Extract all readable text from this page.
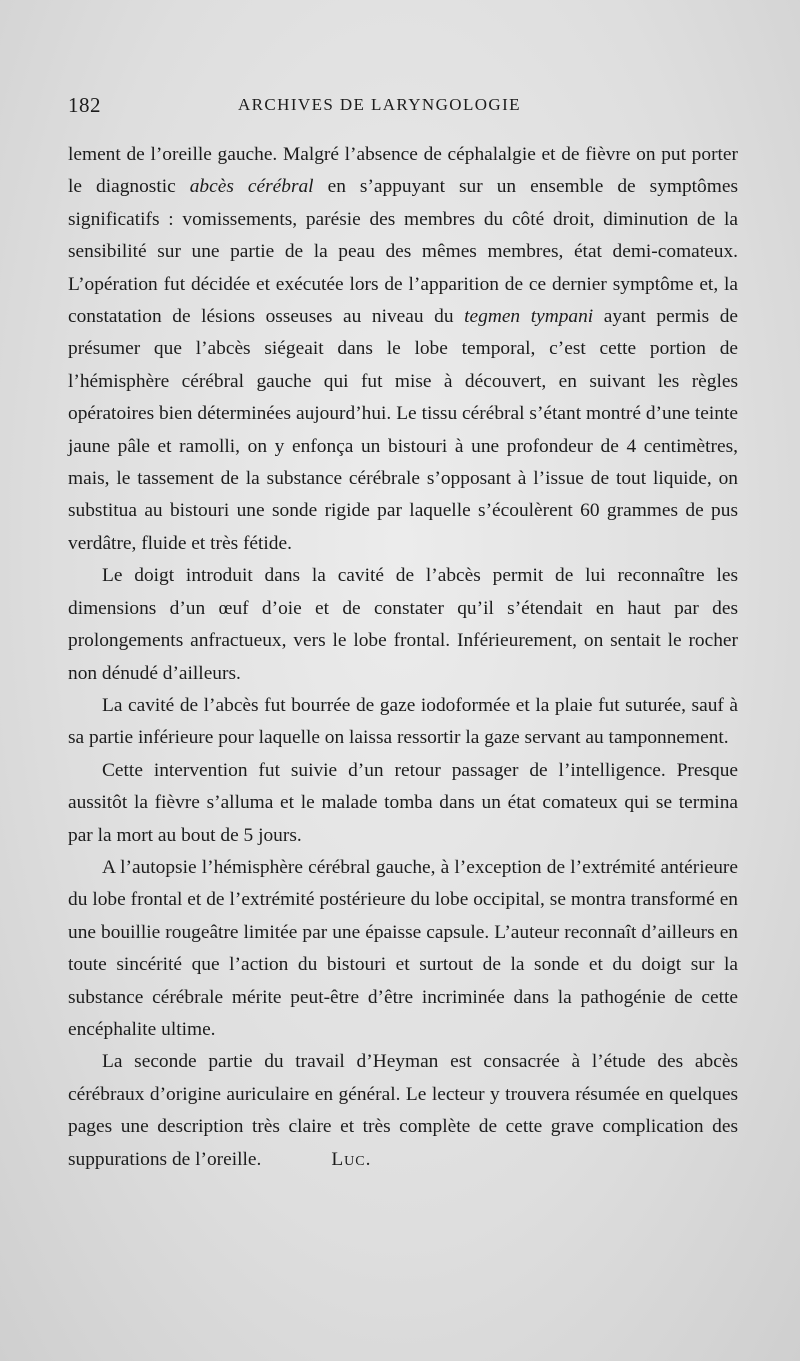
182	ARCHIVES DE LARYNGOLOGIE

lement de l’oreille gauche. Malgré l’absence de céphalalgie et de fièvre on put porter le diagnostic abcès cérébral en s’appuyant sur un ensemble de symptômes significatifs : vomissements, parésie des membres du côté droit, diminution de la sensibilité sur une partie de la peau des mêmes membres, état demi-comateux. L’opération fut décidée et exécutée lors de l’apparition de ce dernier symptôme et, la constatation de lésions osseuses au niveau du tegmen tympani ayant permis de présumer que l’abcès siégeait dans le lobe temporal, c’est cette portion de l’hémisphère cérébral gauche qui fut mise à découvert, en suivant les règles opératoires bien déterminées aujourd’hui. Le tissu cérébral s’étant montré d’une teinte jaune pâle et ramolli, on y enfonça un bistouri à une profondeur de 4 centimètres, mais, le tassement de la substance cérébrale s’opposant à l’issue de tout liquide, on substitua au bistouri une sonde rigide par laquelle s’écoulèrent 60 grammes de pus verdâtre, fluide et très fétide.

Le doigt introduit dans la cavité de l’abcès permit de lui reconnaître les dimensions d’un œuf d’oie et de constater qu’il s’étendait en haut par des prolongements anfractueux, vers le lobe frontal. Inférieurement, on sentait le rocher non dénudé d’ailleurs.

La cavité de l’abcès fut bourrée de gaze iodoformée et la plaie fut suturée, sauf à sa partie inférieure pour laquelle on laissa ressortir la gaze servant au tamponnement.

Cette intervention fut suivie d’un retour passager de l’intelligence. Presque aussitôt la fièvre s’alluma et le malade tomba dans un état comateux qui se termina par la mort au bout de 5 jours.

A l’autopsie l’hémisphère cérébral gauche, à l’exception de l’extrémité antérieure du lobe frontal et de l’extrémité postérieure du lobe occipital, se montra transformé en une bouillie rougeâtre limitée par une épaisse capsule. L’auteur reconnaît d’ailleurs en toute sincérité que l’action du bistouri et surtout de la sonde et du doigt sur la substance cérébrale mérite peut-être d’être incriminée dans la pathogénie de cette encéphalite ultime.

La seconde partie du travail d’Heyman est consacrée à l’étude des abcès cérébraux d’origine auriculaire en général. Le lecteur y trouvera résumée en quelques pages une description très claire et très complète de cette grave complication des suppurations de l’oreille.	Luc.
